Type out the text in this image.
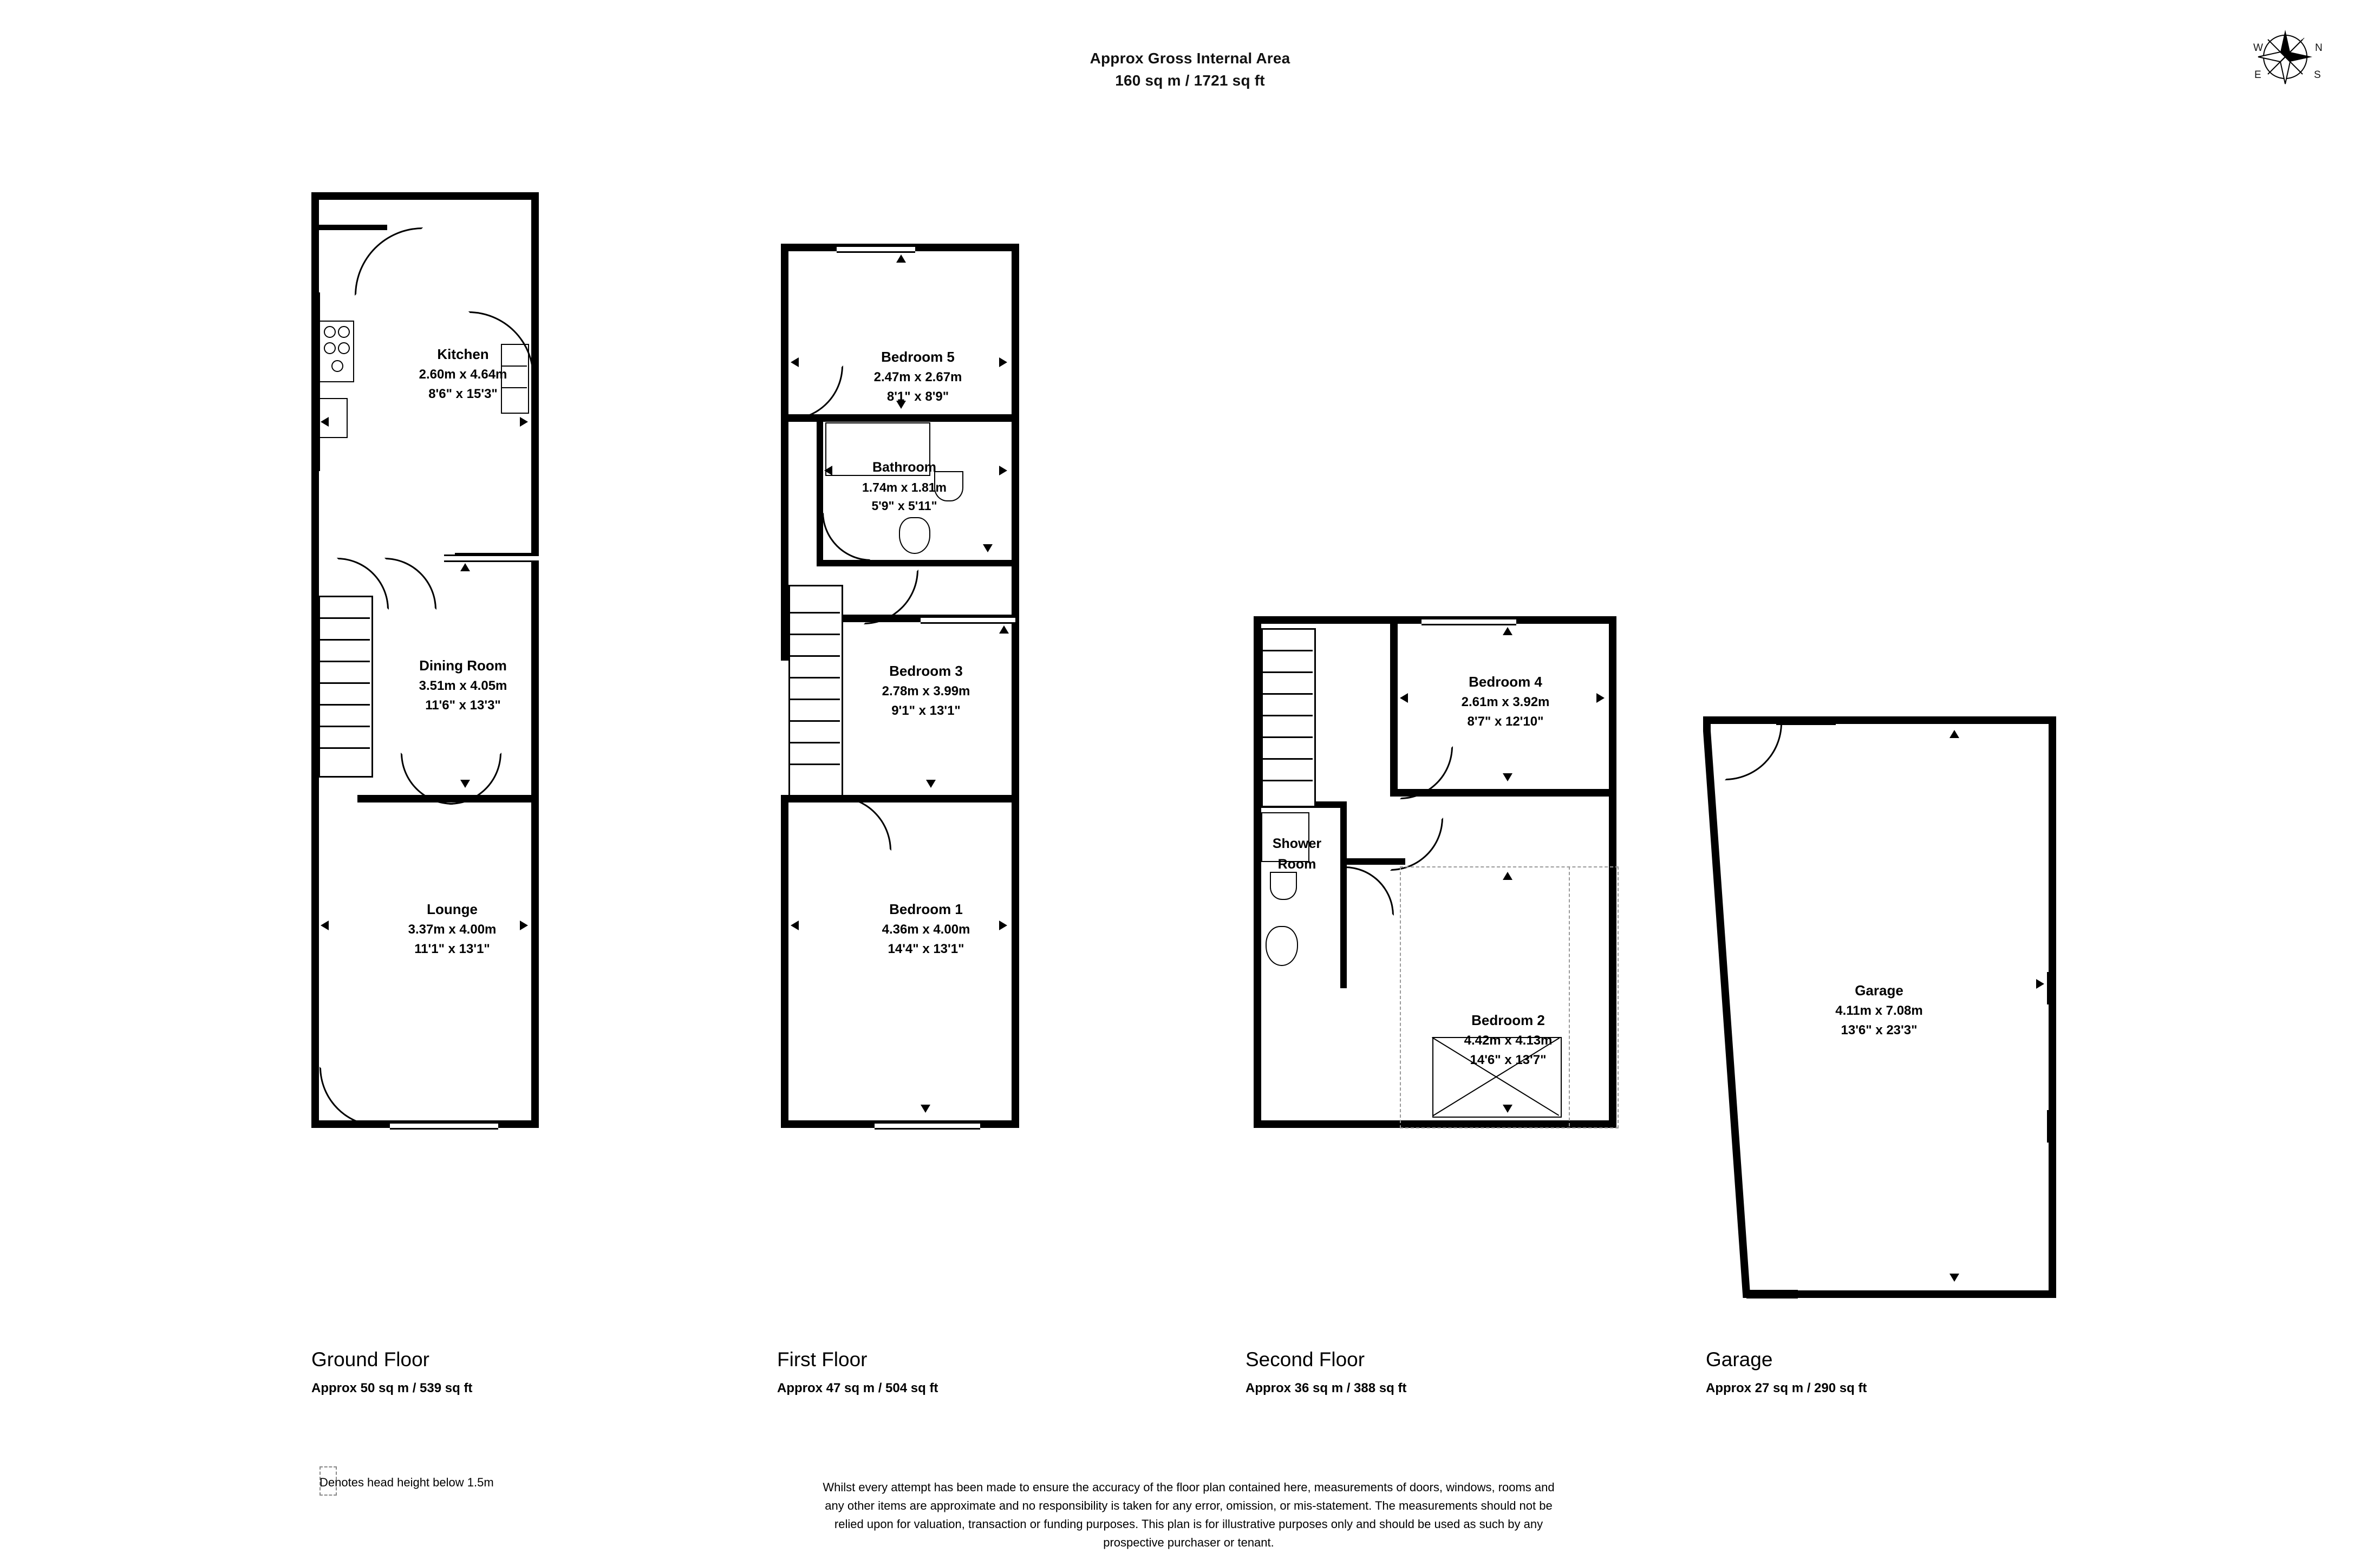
Approx Gross Internal Area
160 sq m / 1721 sq ft
N
S
W
E
Kitchen
2.60m x 4.64m
8'6" x 15'3"
Dining Room
3.51m x 4.05m
11'6" x 13'3"
Lounge
3.37m x 4.00m
11'1" x 13'1"
Ground Floor
Approx 50 sq m / 539 sq ft
Bedroom 5
2.47m x 2.67m
8'1" x 8'9"
Bathroom
1.74m x 1.81m
5'9" x 5'11"
Bedroom 3
2.78m x 3.99m
9'1" x 13'1"
Bedroom 1
4.36m x 4.00m
14'4" x 13'1"
First Floor
Approx 47 sq m / 504 sq ft
Bedroom 4
2.61m x 3.92m
8'7" x 12'10"
Shower
Room
Bedroom 2
4.42m x 4.13m
14'6" x 13'7"
Second Floor
Approx 36 sq m / 388 sq ft
Garage
4.11m x 7.08m
13'6" x 23'3"
Garage
Approx 27 sq m / 290 sq ft
Denotes head height below 1.5m	Whilst every attempt has been made to ensure the accuracy of the floor plan contained here, measurements of doors, windows, rooms and
any other items are approximate and no responsibility is taken for any error, omission, or mis-statement. The measurements should not be
relied upon for valuation, transaction or funding purposes. This plan is for illustrative purposes only and should be used as such by any
prospective purchaser or tenant.
